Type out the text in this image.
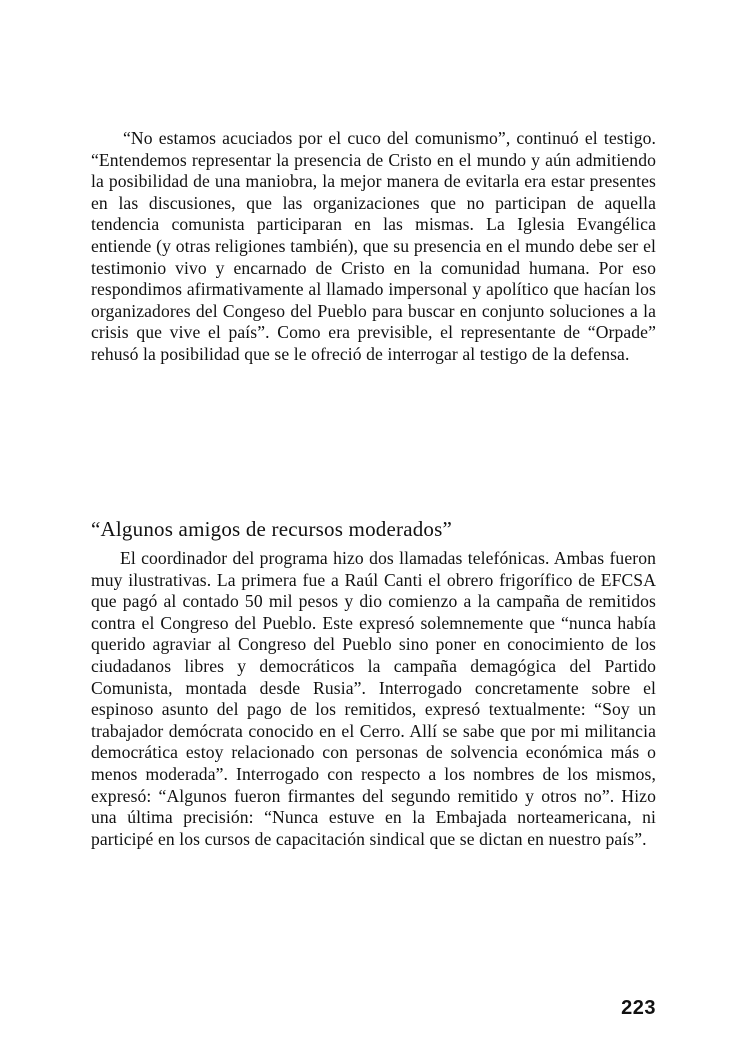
“No estamos acuciados por el cuco del comunismo”, continuó el testigo. “Entendemos representar la presencia de Cristo en el mundo y aún admitiendo la posibilidad de una maniobra, la mejor manera de evitarla era estar presentes en las discusiones, que las organizaciones que no participan de aquella tendencia comunista participaran en las mismas. La Iglesia Evangélica entiende (y otras religiones también), que su presencia en el mundo debe ser el testimonio vivo y encarnado de Cristo en la comunidad humana. Por eso respondimos afirmativamente al llamado impersonal y apolítico que hacían los organizadores del Congeso del Pueblo para buscar en conjunto soluciones a la crisis que vive el país”. Como era previsible, el representante de “Orpade” rehusó la posibilidad que se le ofreció de interrogar al testigo de la defensa.

“Algunos amigos de recursos moderados”

El coordinador del programa hizo dos llamadas telefónicas. Ambas fueron muy ilustrativas. La primera fue a Raúl Canti el obrero frigorífico de EFCSA que pagó al contado 50 mil pesos y dio comienzo a la campaña de remitidos contra el Congreso del Pueblo. Este expresó solemnemente que “nunca había querido agraviar al Congreso del Pueblo sino poner en conocimiento de los ciudadanos libres y democráticos la campaña demagógica del Partido Comunista, montada desde Rusia”. Interrogado concretamente sobre el espinoso asunto del pago de los remitidos, expresó textualmente: “Soy un trabajador demócrata conocido en el Cerro. Allí se sabe que por mi militancia democrática estoy relacionado con personas de solvencia económica más o menos moderada”. Interrogado con respecto a los nombres de los mismos, expresó: “Algunos fueron firmantes del segundo remitido y otros no”. Hizo una última precisión: “Nunca estuve en la Embajada norteamericana, ni participé en los cursos de capacitación sindical que se dictan en nuestro país”.

223
